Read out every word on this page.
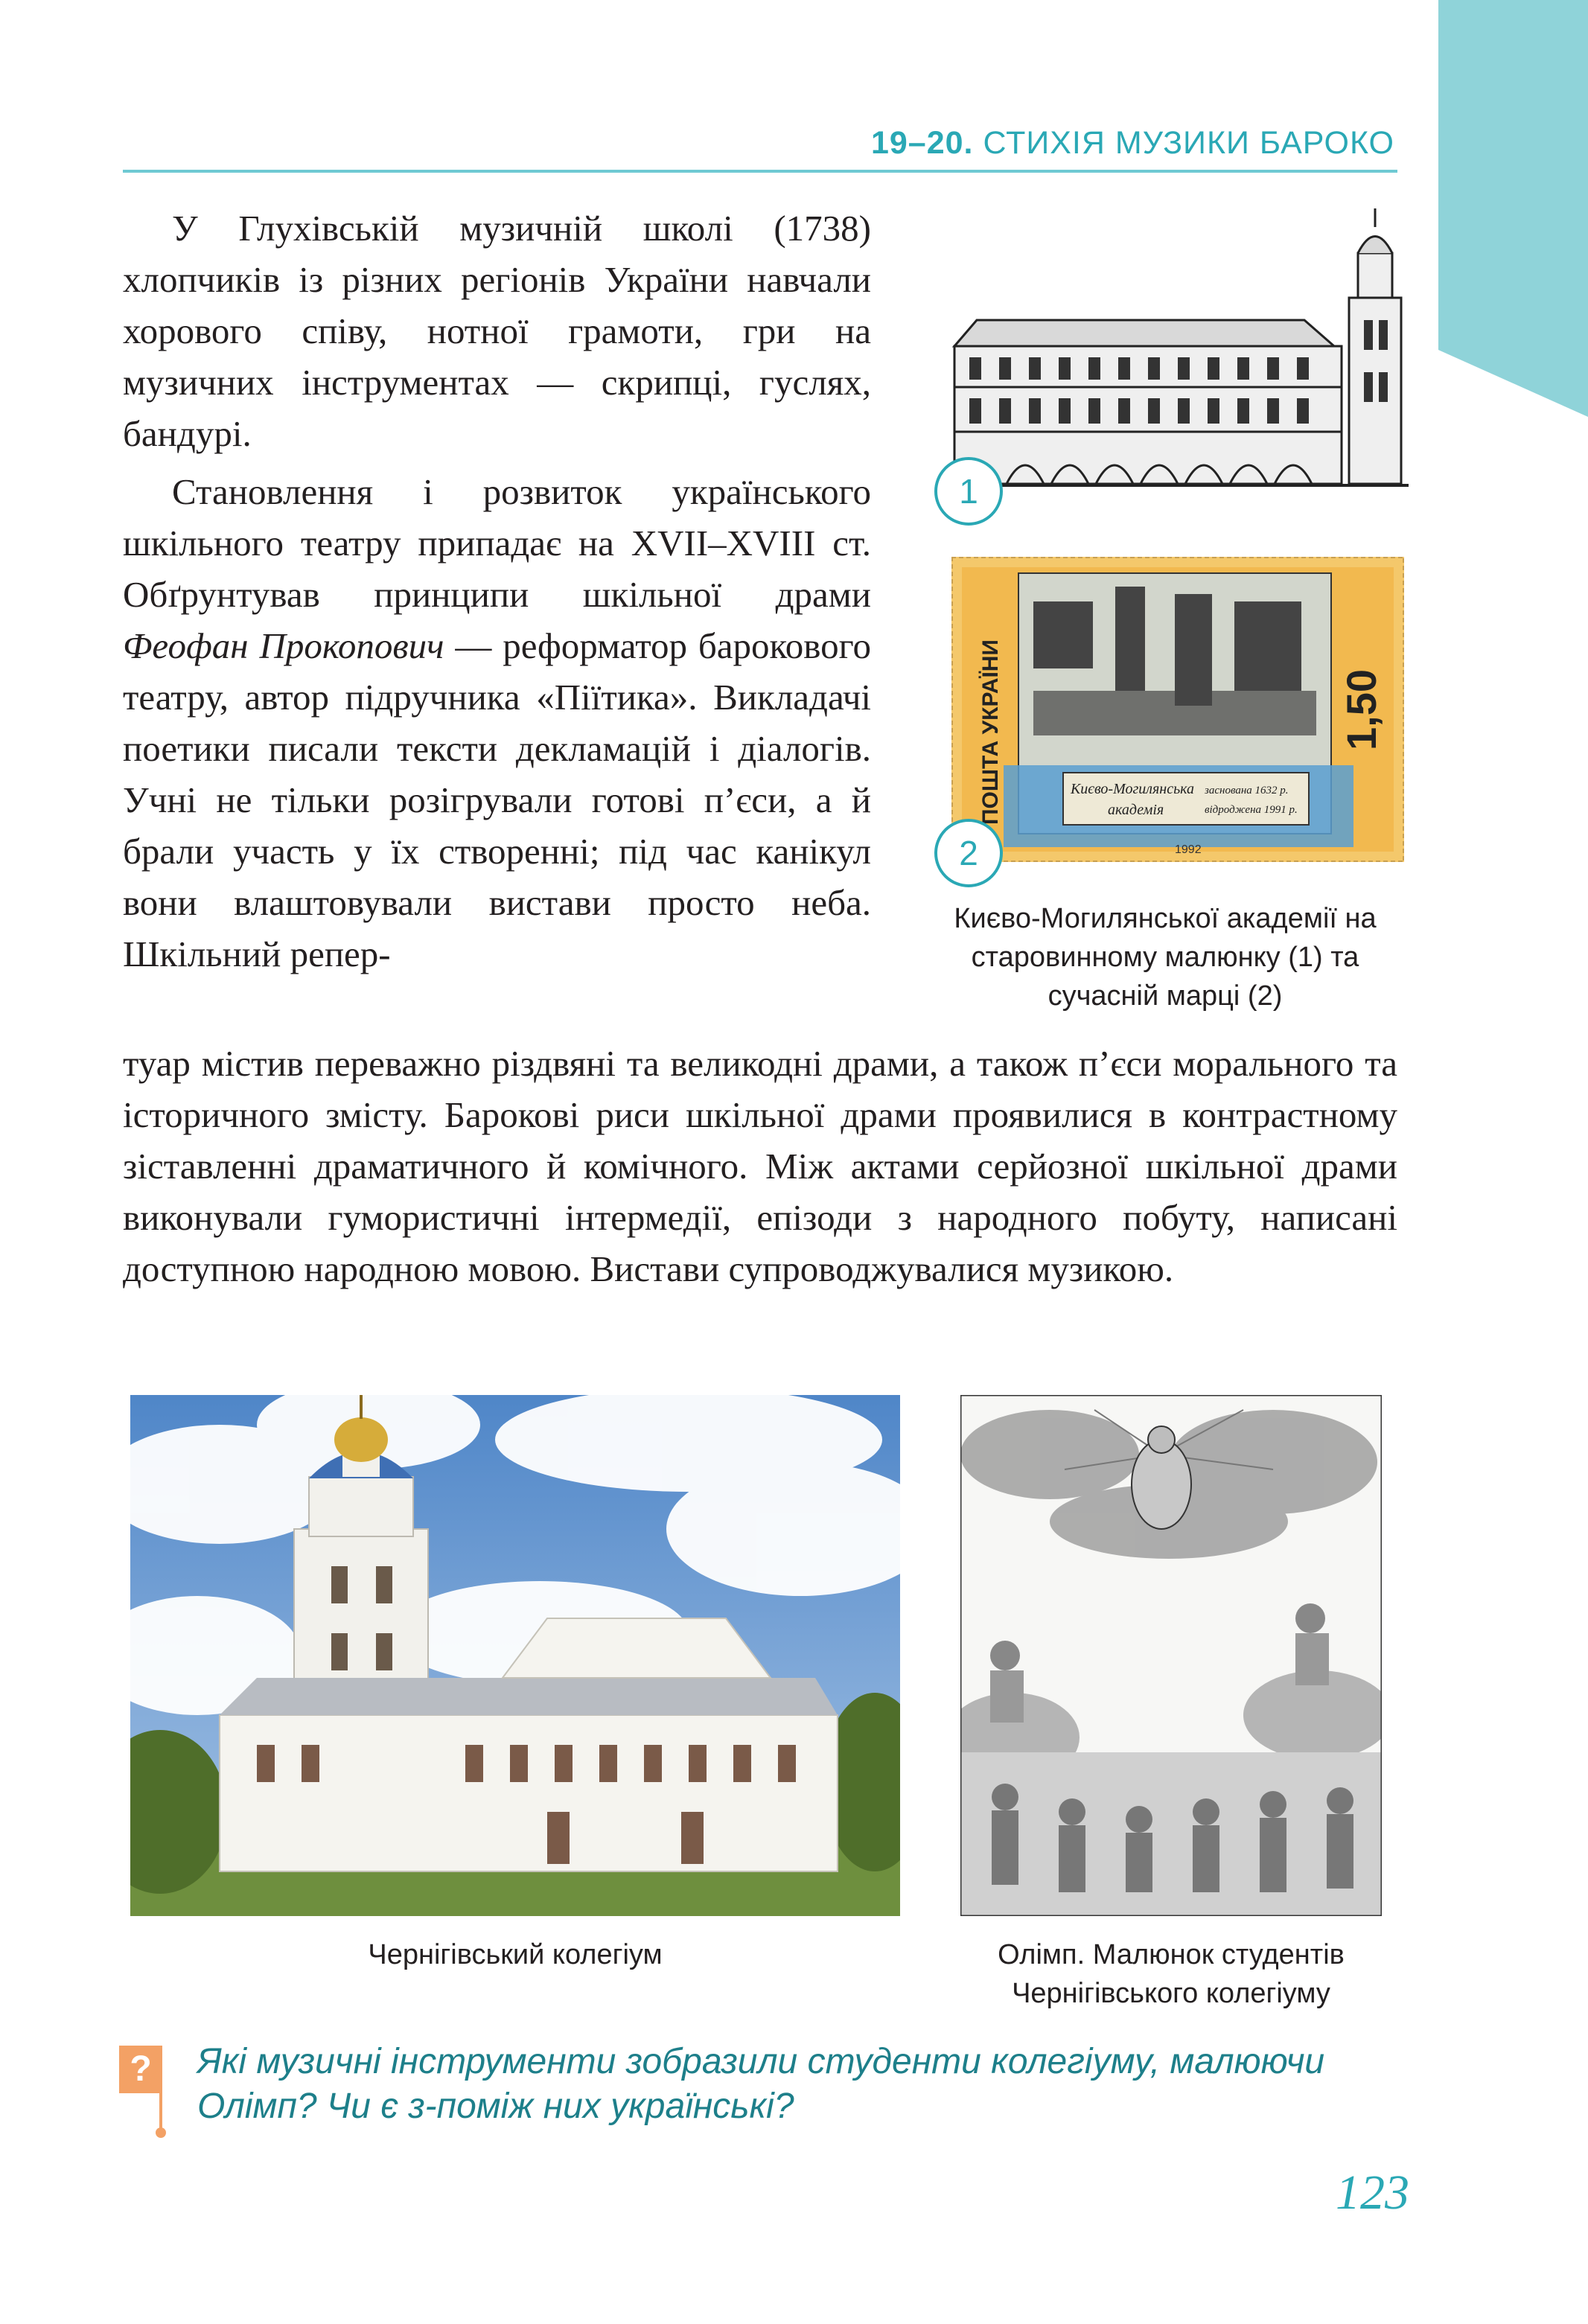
19–20. СТИХІЯ МУЗИКИ БАРОКО

У Глухівській музичній школі (1738) хлопчиків із різних регіонів України навчали хорового співу, нотної грамоти, гри на музичних інструментах — скрипці, гуслях, бандурі.

Становлення і розвиток українського шкільного театру припадає на XVII–XVIII ст. Обґрунтував принципи шкільної драми Феофан Прокопович — реформатор барокового театру, автор підручника «Піїтика». Викладачі поетики писали тексти декламацій і діалогів. Учні не тільки розігрували готові п’єси, а й брали участь у їх створенні; під час канікул вони влаштовували вистави просто неба. Шкільний репер-

туар містив переважно різдвяні та великодні драми, а також п’єси морального та історичного змісту. Барокові риси шкільної драми проявилися в контрастному зіставленні драматичного й комічного. Між актами серйозної шкільної драми виконували гумористичні інтермедії, епізоди з народного побуту, написані доступною народною мовою. Вистави супроводжувалися музикою.

1
Києво-Могилянська
академія
заснована 1632 р.
відроджена 1991 р.
ПОШТА УКРАЇНИ	1,50
1992
2
Києво-Могилянської академії на старовинному малюнку (1) та сучасній марці (2)
Чернігівський колегіум	Олімп. Малюнок студентів Чернігівського колегіуму
? Які музичні інструменти зобразили студенти колегіуму, малюючи Олімп? Чи є з-поміж них українські?
123
